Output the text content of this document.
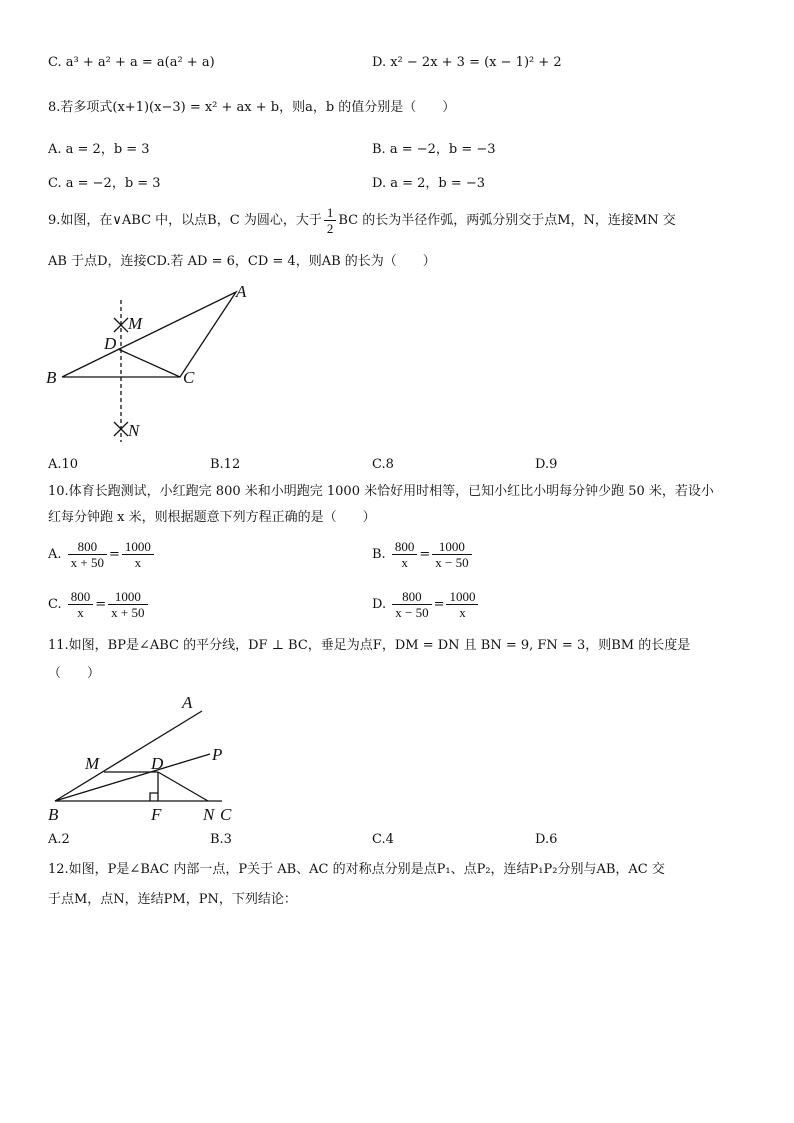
C. a³ + a² + a = a(a² + a)	D. x² − 2x + 3 = (x − 1)² + 2
8.若多项式(x+1)(x−3) = x² + ax + b，则a，b 的值分别是（　　）
A. a = 2，b = 3	B. a = −2，b = −3
C. a = −2，b = 3	D. a = 2，b = −3
9.如图，在∨ABC 中，以点B，C 为圆心，大于 $\frac{1}{2}$ BC 的长为半径作弧，两弧分别交于点M，N，连接MN 交
AB 于点D，连接CD.若 AD = 6，CD = 4，则AB 的长为（　　）
A
M
D
B	C
N
A.10	B.12	C.8	D.9
10.体育长跑测试，小红跑完 800 米和小明跑完 1000 米恰好用时相等，已知小红比小明每分钟少跑 50 米，若设小
红每分钟跑 x 米，则根据题意下列方程正确的是（　　）
A. $\frac{800}{x + 50} = \frac{1000}{x}$	B. $\frac{800}{x} = \frac{1000}{x - 50}$
C. $\frac{800}{x} = \frac{1000}{x + 50}$	D. $\frac{800}{x - 50} = \frac{1000}{x}$
11.如图，BP是∠ABC 的平分线，DF ⊥ BC，垂足为点F，DM = DN 且 BN = 9, FN = 3，则BM 的长度是
（　　）
A
P
M	D
B	F N C
A.2	B.3	C.4	D.6
12.如图，P是∠BAC 内部一点，P关于 AB、AC 的对称点分别是点P₁、点P₂，连结P₁P₂分别与AB，AC 交
于点M，点N，连结PM，PN，下列结论：
